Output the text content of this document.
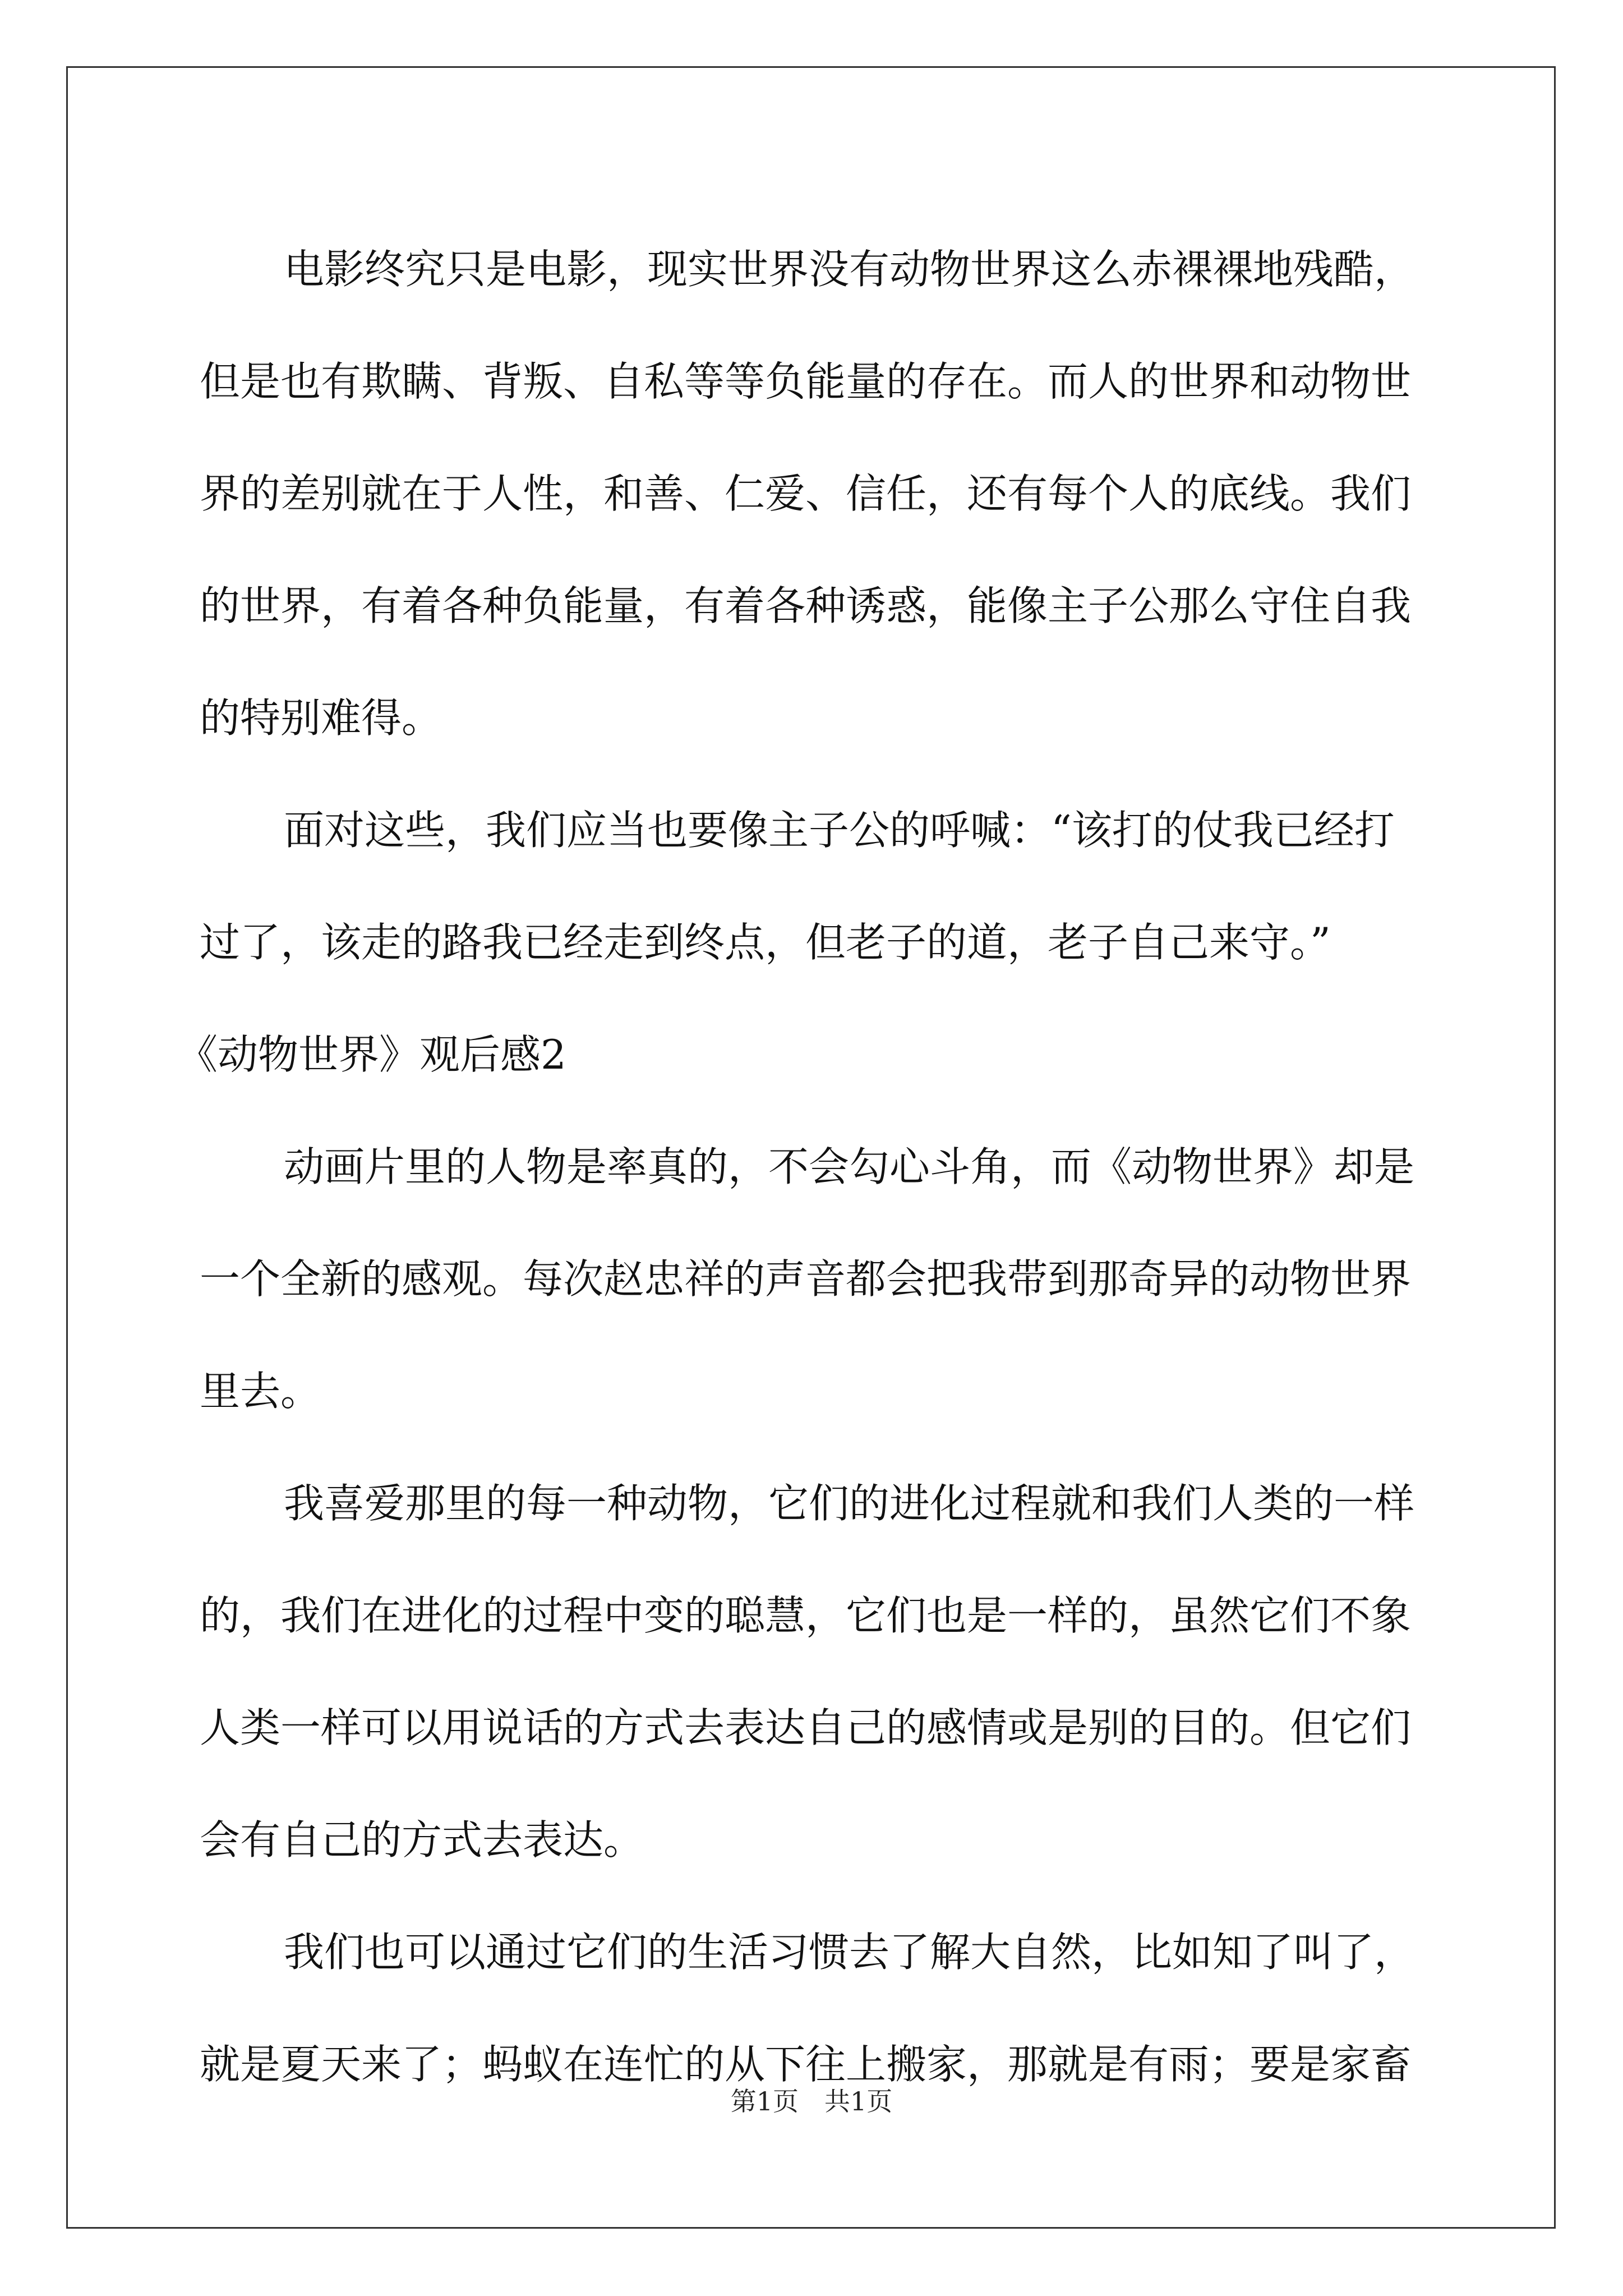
电影终究只是电影，现实世界没有动物世界这么赤裸裸地残酷，
但是也有欺瞒、背叛、自私等等负能量的存在。而人的世界和动物世
界的差别就在于人性，和善、仁爱、信任，还有每个人的底线。我们
的世界，有着各种负能量，有着各种诱惑，能像主子公那么守住自我
的特别难得。
面对这些，我们应当也要像主子公的呼喊：“该打的仗我已经打
过了，该走的路我已经走到终点，但老子的道，老子自己来守。”
《动物世界》观后感2
动画片里的人物是率真的，不会勾心斗角，而《动物世界》却是
一个全新的感观。每次赵忠祥的声音都会把我带到那奇异的动物世界
里去。
我喜爱那里的每一种动物，它们的进化过程就和我们人类的一样
的，我们在进化的过程中变的聪慧，它们也是一样的，虽然它们不象
人类一样可以用说话的方式去表达自己的感情或是别的目的。但它们
会有自己的方式去表达。
我们也可以通过它们的生活习惯去了解大自然，比如知了叫了，
就是夏天来了；蚂蚁在连忙的从下往上搬家，那就是有雨；要是家畜
第1页　共1页
